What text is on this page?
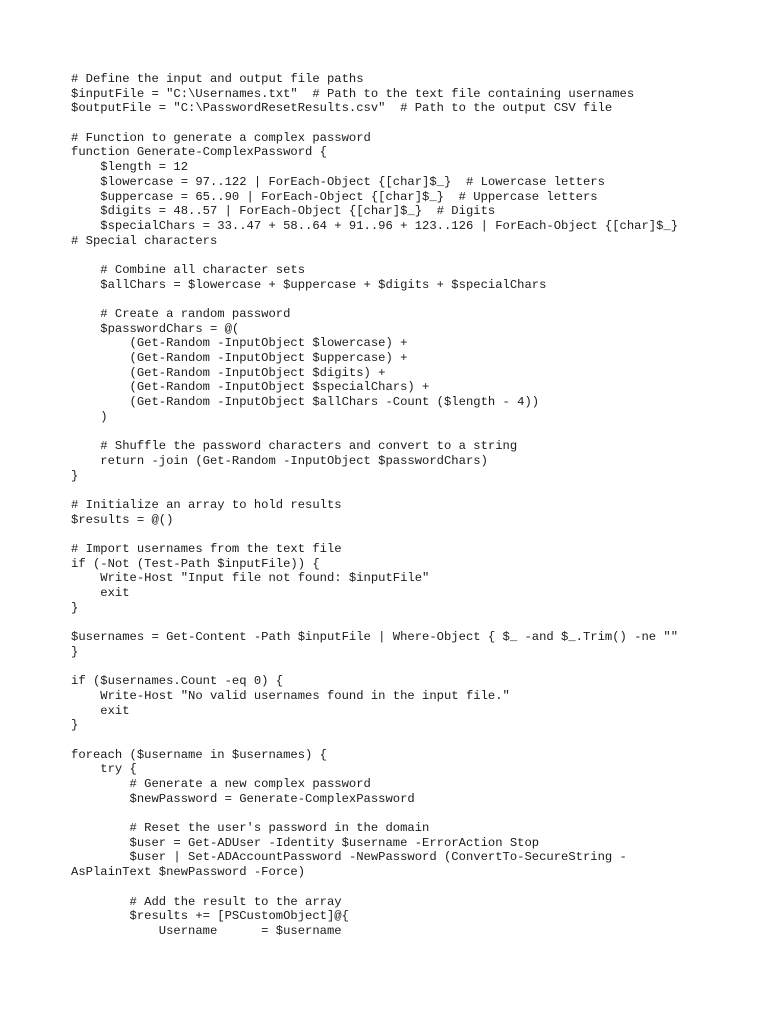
# Define the input and output file paths
$inputFile = "C:\Usernames.txt"  # Path to the text file containing usernames
$outputFile = "C:\PasswordResetResults.csv"  # Path to the output CSV file
# Function to generate a complex password
function Generate-ComplexPassword {
$length = 12
$lowercase = 97..122 | ForEach-Object {[char]$_}  # Lowercase letters
$uppercase = 65..90 | ForEach-Object {[char]$_}  # Uppercase letters
$digits = 48..57 | ForEach-Object {[char]$_}  # Digits
$specialChars = 33..47 + 58..64 + 91..96 + 123..126 | ForEach-Object {[char]$_}
# Special characters
# Combine all character sets
$allChars = $lowercase + $uppercase + $digits + $specialChars
# Create a random password
$passwordChars = @(
(Get-Random -InputObject $lowercase) +
(Get-Random -InputObject $uppercase) +
(Get-Random -InputObject $digits) +
(Get-Random -InputObject $specialChars) +
(Get-Random -InputObject $allChars -Count ($length - 4))
)
# Shuffle the password characters and convert to a string
return -join (Get-Random -InputObject $passwordChars)
}
# Initialize an array to hold results
$results = @()
# Import usernames from the text file
if (-Not (Test-Path $inputFile)) {
Write-Host "Input file not found: $inputFile"
exit
}
$usernames = Get-Content -Path $inputFile | Where-Object { $_ -and $_.Trim() -ne ""
}
if ($usernames.Count -eq 0) {
Write-Host "No valid usernames found in the input file."
exit
}
foreach ($username in $usernames) {
try {
# Generate a new complex password
$newPassword = Generate-ComplexPassword
# Reset the user's password in the domain
$user = Get-ADUser -Identity $username -ErrorAction Stop
$user | Set-ADAccountPassword -NewPassword (ConvertTo-SecureString -
AsPlainText $newPassword -Force)
# Add the result to the array
$results += [PSCustomObject]@{
Username      = $username
